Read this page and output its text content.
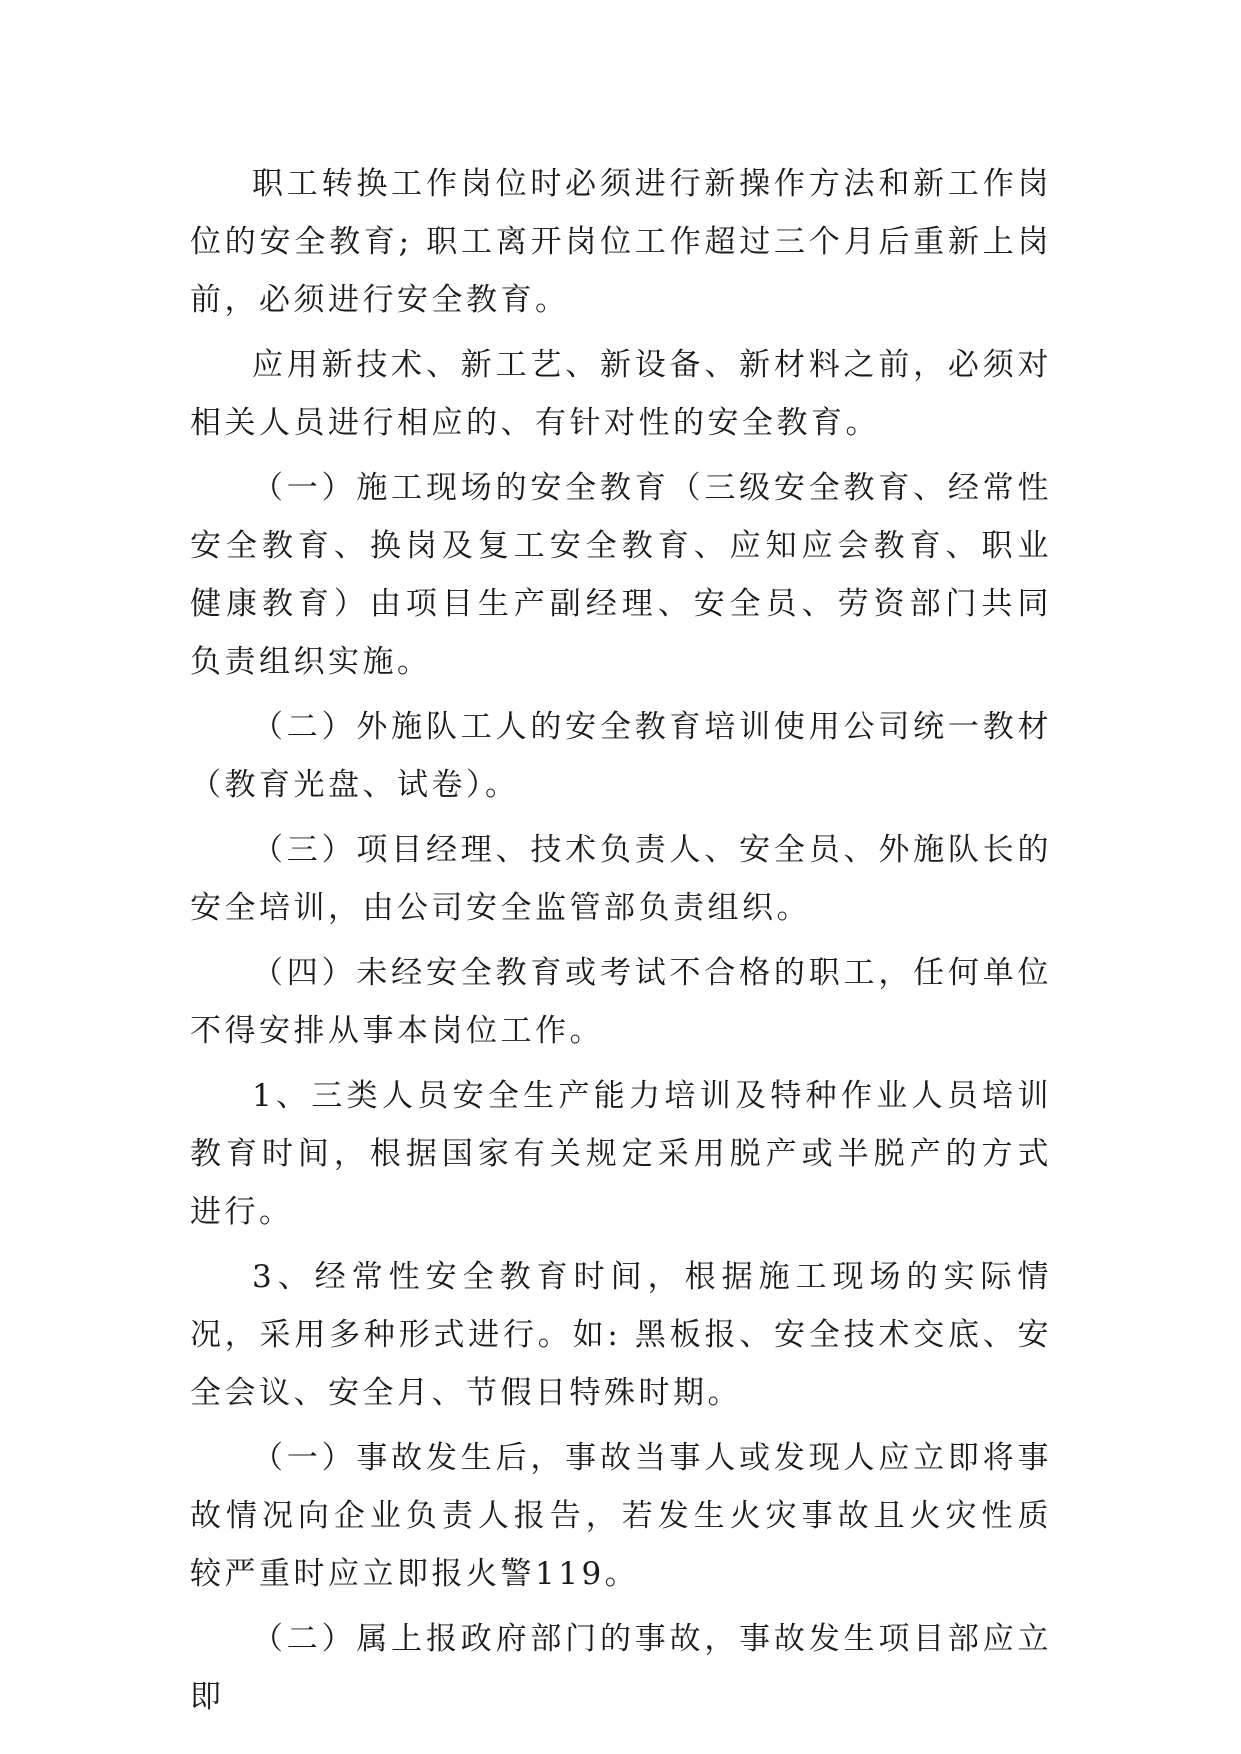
职工转换工作岗位时必须进行新操作方法和新工作岗位的安全教育; 职工离开岗位工作超过三个月后重新上岗前，必须进行安全教育。

应用新技术、新工艺、新设备、新材料之前，必须对相关人员进行相应的、有针对性的安全教育。

（一）施工现场的安全教育（三级安全教育、经常性安全教育、换岗及复工安全教育、应知应会教育、职业健康教育）由项目生产副经理、安全员、劳资部门共同负责组织实施。

（二）外施队工人的安全教育培训使用公司统一教材（教育光盘、试卷）。

（三）项目经理、技术负责人、安全员、外施队长的安全培训，由公司安全监管部负责组织。

（四）未经安全教育或考试不合格的职工，任何单位不得安排从事本岗位工作。

1、三类人员安全生产能力培训及特种作业人员培训教育时间，根据国家有关规定采用脱产或半脱产的方式进行。

3、经常性安全教育时间，根据施工现场的实际情况，采用多种形式进行。如: 黑板报、安全技术交底、安全会议、安全月、节假日特殊时期。

（一）事故发生后，事故当事人或发现人应立即将事故情况向企业负责人报告，若发生火灾事故且火灾性质较严重时应立即报火警119。

（二）属上报政府部门的事故，事故发生项目部应立即
